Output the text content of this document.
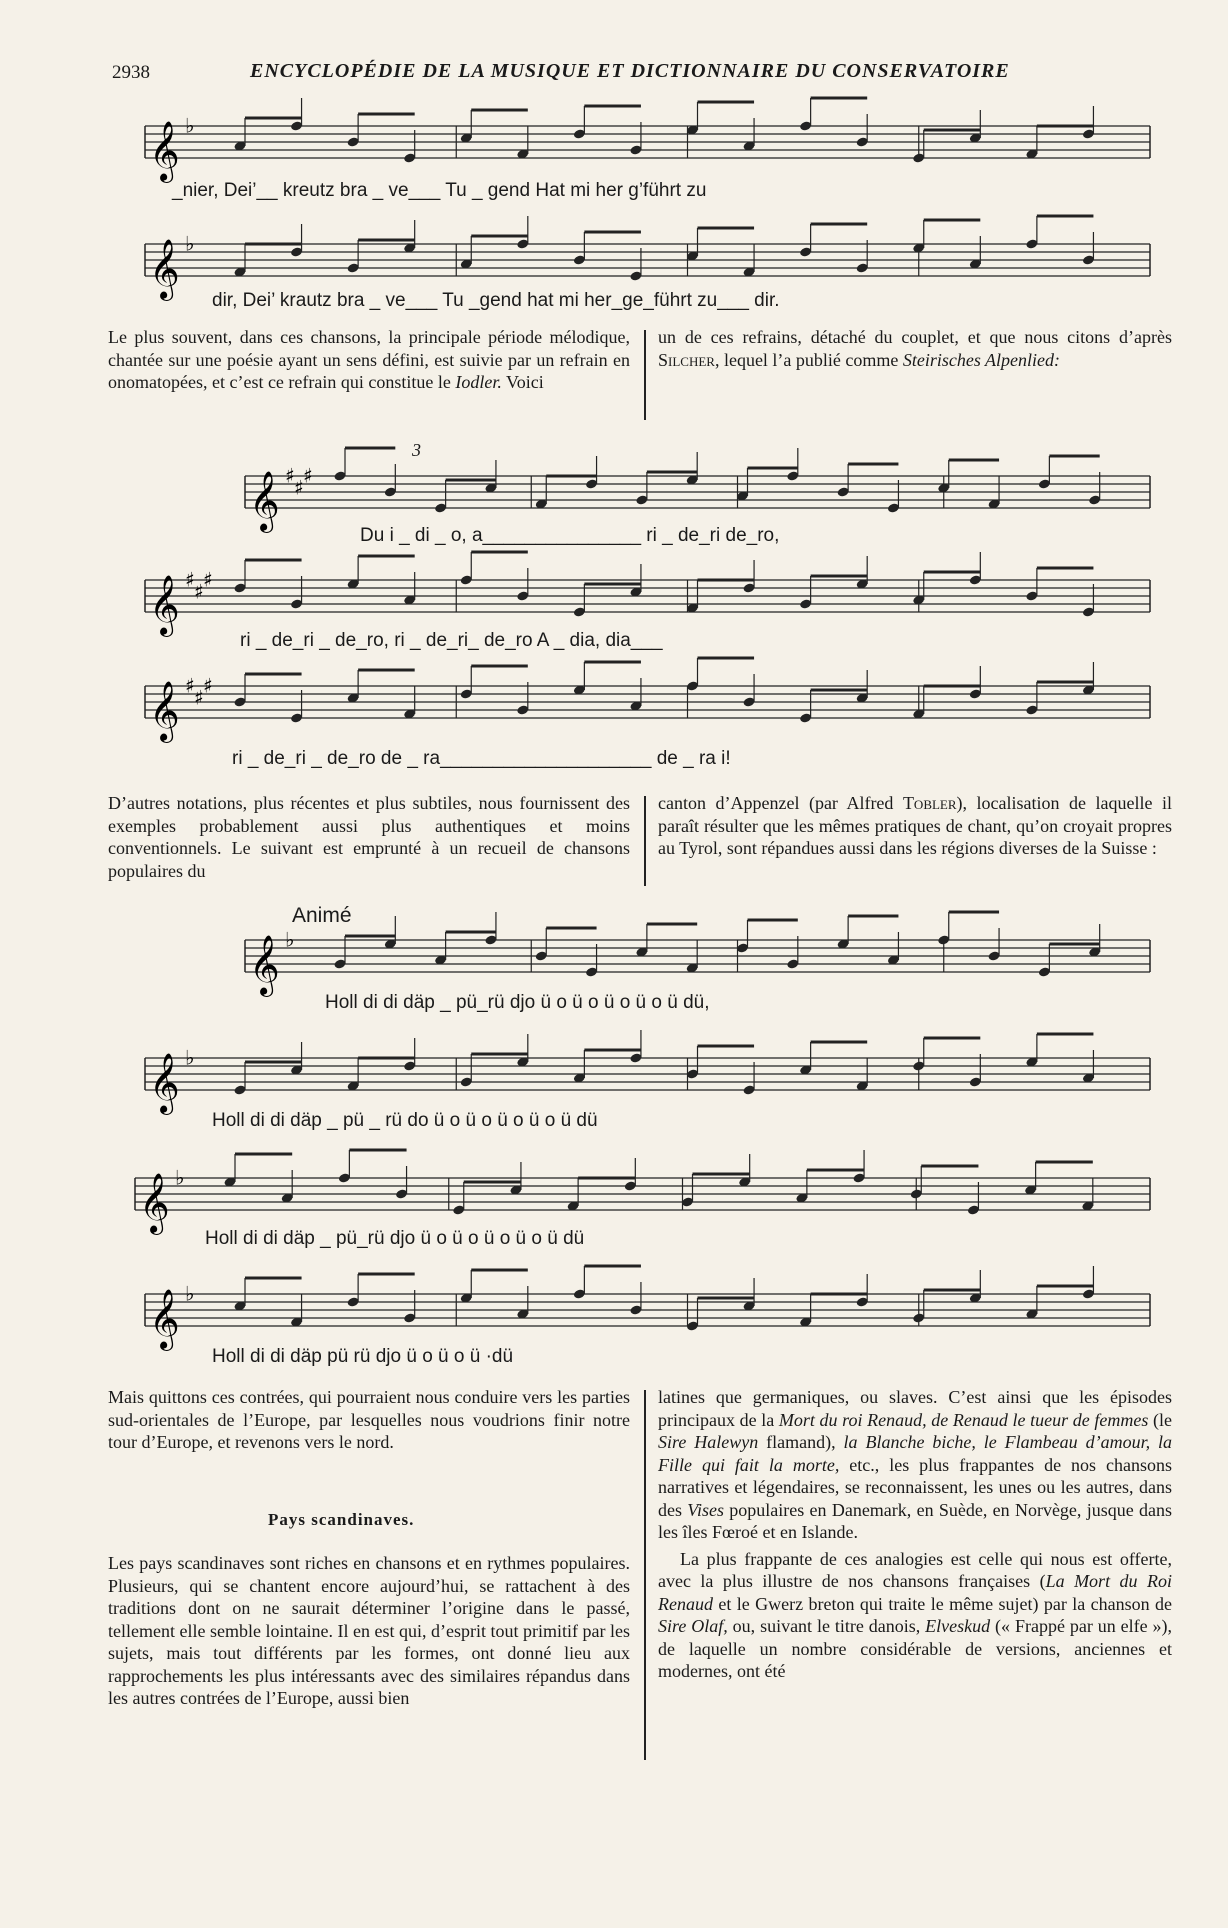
2938	ENCYCLOPÉDIE DE LA MUSIQUE ET DICTIONNAIRE DU CONSERVATOIRE
𝄞 ♭
_nier, Dei’__ kreutz bra _ ve___ Tu _ gend Hat mi her g’führt zu
𝄞 ♭
dir, Dei’ krautz bra _ ve___ Tu _gend hat mi her_ge_führt zu___ dir.

Le plus souvent, dans ces chansons, la principale période mélodique, chantée sur une poésie ayant un sens défini, est suivie par un refrain en onomatopées, et c’est ce refrain qui constitue le Iodler. Voici

un de ces refrains, détaché du couplet, et que nous citons d’après Silcher, lequel l’a publié comme Steirisches Alpenlied:

3
𝄞 ♯ ♯ ♯
Du i _ di _ o, a_______________ ri _ de_ri de_ro,
𝄞 ♯ ♯ ♯
ri _ de_ri _ de_ro, ri _ de_ri_ de_ro A _ dia, dia___
𝄞 ♯ ♯ ♯
ri _ de_ri _ de_ro de _ ra____________________ de _ ra i!

D’autres notations, plus récentes et plus subtiles, nous fournissent des exemples probablement aussi plus authentiques et moins conventionnels. Le suivant est emprunté à un recueil de chansons populaires du

canton d’Appenzel (par Alfred Tobler), localisation de laquelle il paraît résulter que les mêmes pratiques de chant, qu’on croyait propres au Tyrol, sont répandues aussi dans les régions diverses de la Suisse :

Animé
𝄞 ♭
Holl di di däp _ pü_rü djo ü o ü o ü o ü o ü dü,
𝄞 ♭
Holl di di däp _ pü _ rü do ü o ü o ü o ü o ü dü
𝄞 ♭
Holl di di däp _ pü_rü djo ü o ü o ü o ü o ü dü
𝄞 ♭
Holl di di däp pü rü djo ü o ü o ü ·dü

Mais quittons ces contrées, qui pourraient nous conduire vers les parties sud-orientales de l’Europe, par lesquelles nous voudrions finir notre tour d’Europe, et revenons vers le nord.

Pays scandinaves.

Les pays scandinaves sont riches en chansons et en rythmes populaires. Plusieurs, qui se chantent encore aujourd’hui, se rattachent à des traditions dont on ne saurait déterminer l’origine dans le passé, tellement elle semble lointaine. Il en est qui, d’esprit tout primitif par les sujets, mais tout différents par les formes, ont donné lieu aux rapprochements les plus intéressants avec des similaires répandus dans les autres contrées de l’Europe, aussi bien

latines que germaniques, ou slaves. C’est ainsi que les épisodes principaux de la Mort du roi Renaud, de Renaud le tueur de femmes (le Sire Halewyn flamand), la Blanche biche, le Flambeau d’amour, la Fille qui fait la morte, etc., les plus frappantes de nos chansons narratives et légendaires, se reconnaissent, les unes ou les autres, dans des Vises populaires en Danemark, en Suède, en Norvège, jusque dans les îles Fœroé et en Islande.

La plus frappante de ces analogies est celle qui nous est offerte, avec la plus illustre de nos chansons françaises (La Mort du Roi Renaud et le Gwerz breton qui traite le même sujet) par la chanson de Sire Olaf, ou, suivant le titre danois, Elveskud (« Frappé par un elfe »), de laquelle un nombre considérable de versions, anciennes et modernes, ont été
